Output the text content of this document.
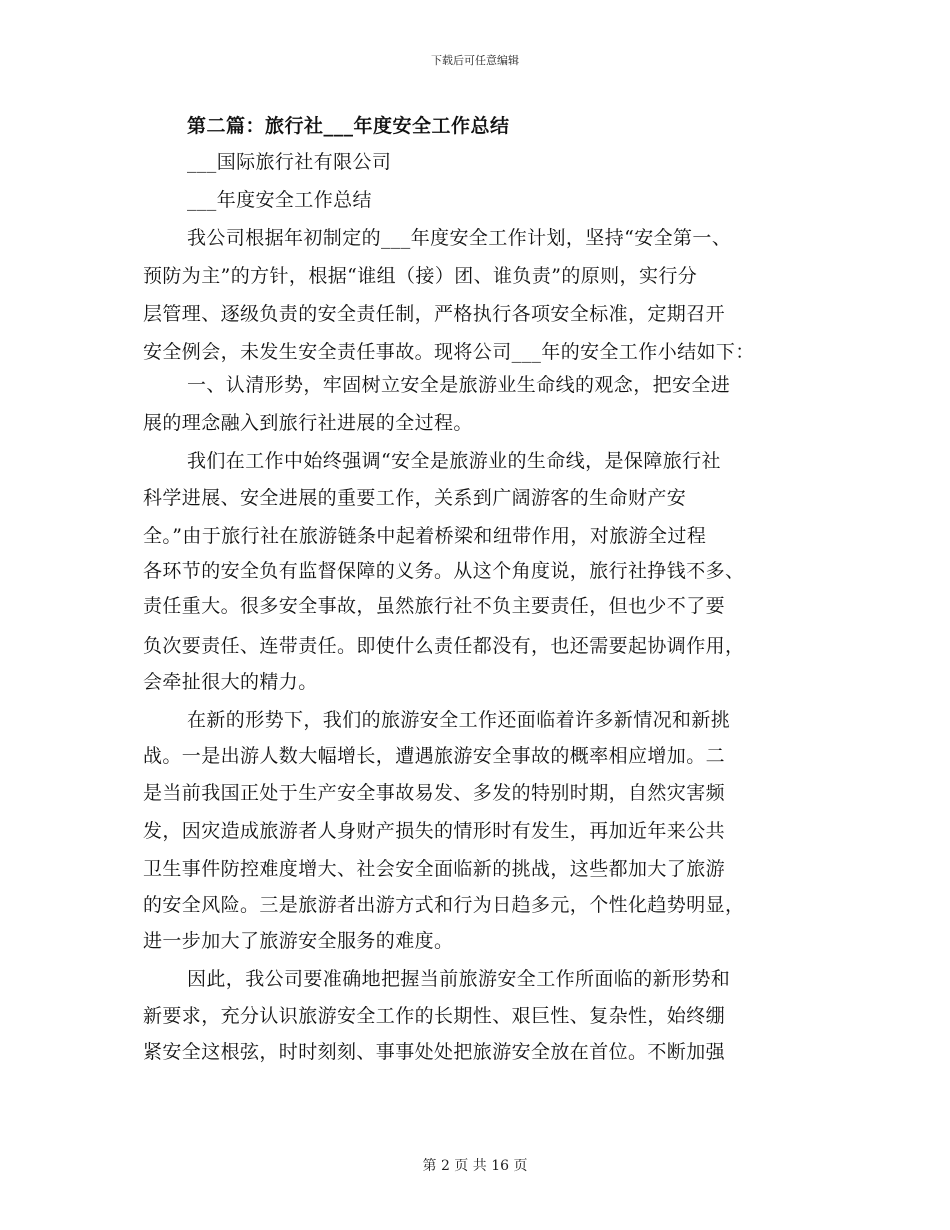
下载后可任意编辑
第二篇：旅行社___年度安全工作总结
___国际旅行社有限公司
___年度安全工作总结
我公司根据年初制定的___年度安全工作计划，坚持“安全第一、
预防为主”的方针，根据“谁组（接）团、谁负责”的原则，实行分
层管理、逐级负责的安全责任制，严格执行各项安全标准，定期召开
安全例会，未发生安全责任事故。现将公司___年的安全工作小结如下：
一、认清形势，牢固树立安全是旅游业生命线的观念，把安全进
展的理念融入到旅行社进展的全过程。
我们在工作中始终强调“安全是旅游业的生命线，是保障旅行社
科学进展、安全进展的重要工作，关系到广阔游客的生命财产安
全。”由于旅行社在旅游链条中起着桥梁和纽带作用，对旅游全过程
各环节的安全负有监督保障的义务。从这个角度说，旅行社挣钱不多、
责任重大。很多安全事故，虽然旅行社不负主要责任，但也少不了要
负次要责任、连带责任。即使什么责任都没有，也还需要起协调作用，
会牵扯很大的精力。
在新的形势下，我们的旅游安全工作还面临着许多新情况和新挑
战。一是出游人数大幅增长，遭遇旅游安全事故的概率相应增加。二
是当前我国正处于生产安全事故易发、多发的特别时期，自然灾害频
发，因灾造成旅游者人身财产损失的情形时有发生，再加近年来公共
卫生事件防控难度增大、社会安全面临新的挑战，这些都加大了旅游
的安全风险。三是旅游者出游方式和行为日趋多元，个性化趋势明显，
进一步加大了旅游安全服务的难度。
因此，我公司要准确地把握当前旅游安全工作所面临的新形势和
新要求，充分认识旅游安全工作的长期性、艰巨性、复杂性，始终绷
紧安全这根弦，时时刻刻、事事处处把旅游安全放在首位。不断加强
第 2 页 共 16 页
